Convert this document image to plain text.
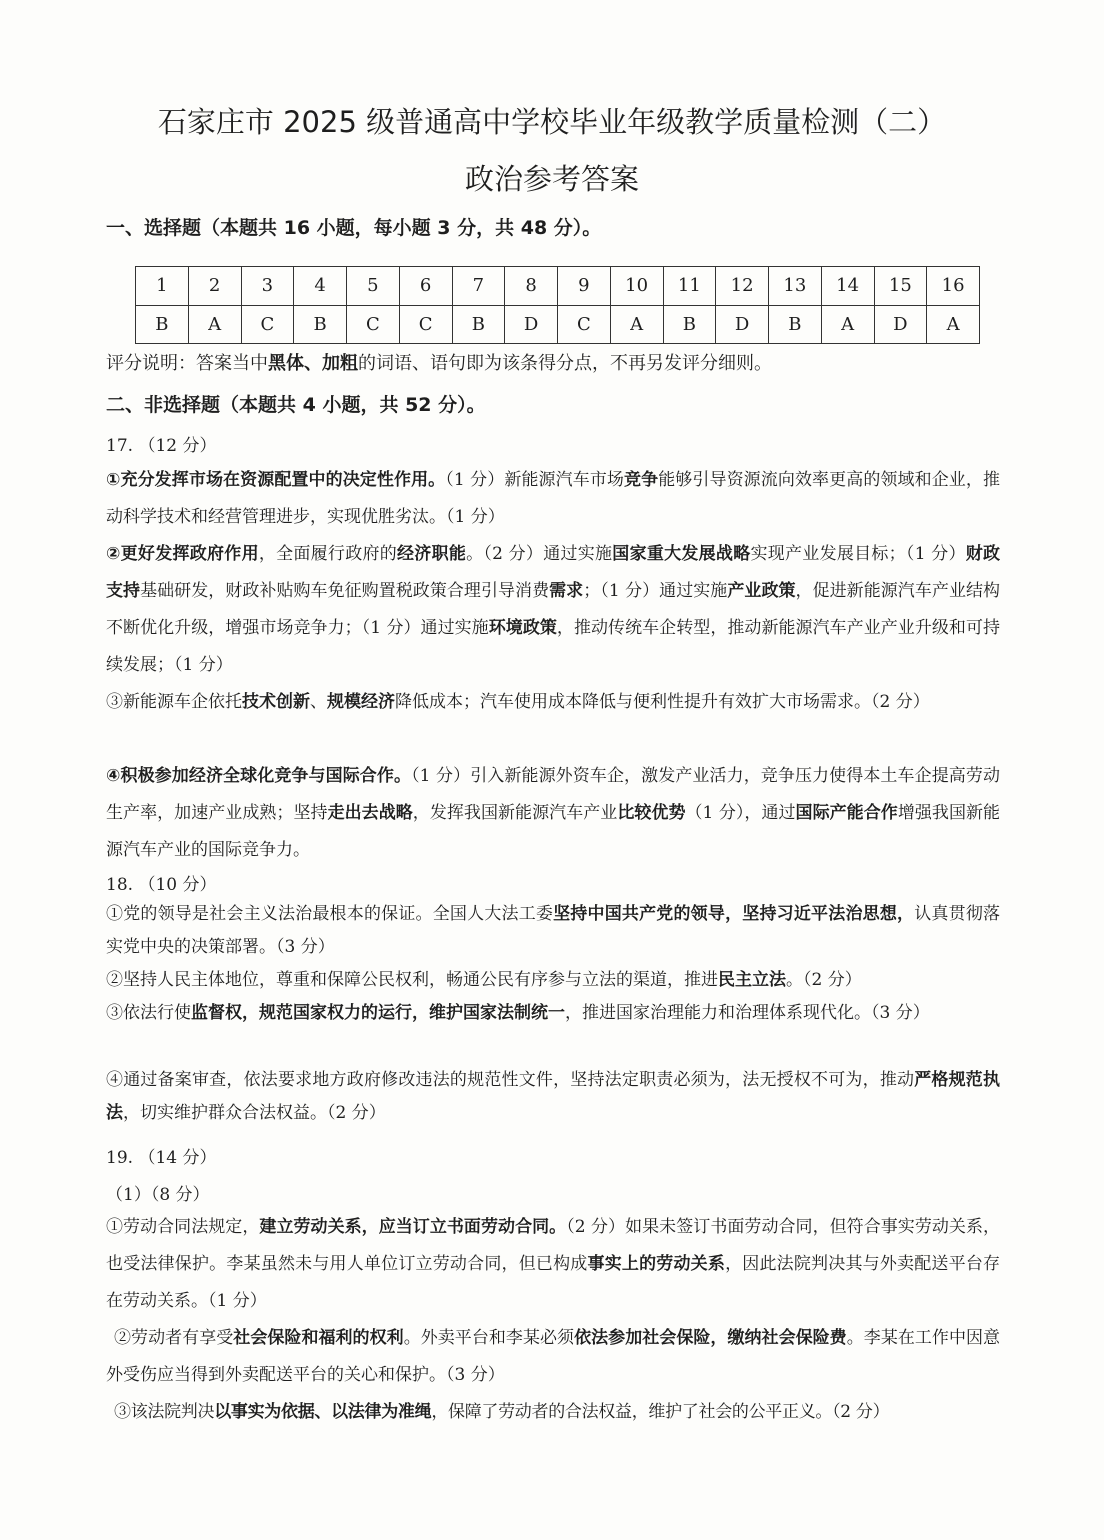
石家庄市 2025 级普通高中学校毕业年级教学质量检测（二）
政治参考答案
一、选择题（本题共 16 小题，每小题 3 分，共 48 分）。
1	2	3	4	5	6	7	8	9	10	11	12	13	14	15	16
B	A	C	B	C	C	B	D	C	A	B	D	B	A	D	A
评分说明：答案当中黑体、加粗的词语、语句即为该条得分点，不再另发评分细则。
二、非选择题（本题共 4 小题，共 52 分）。
17. （12 分）
①充分发挥市场在资源配置中的决定性作用。（1 分）新能源汽车市场竞争能够引导资源流向效率更高的领域和企业，推动科学技术和经营管理进步，实现优胜劣汰。（1 分）
②更好发挥政府作用，全面履行政府的经济职能。（2 分）通过实施国家重大发展战略实现产业发展目标；（1 分）财政支持基础研发，财政补贴购车免征购置税政策合理引导消费需求；（1 分）通过实施产业政策，促进新能源汽车产业结构不断优化升级，增强市场竞争力；（1 分）通过实施环境政策，推动传统车企转型，推动新能源汽车产业产业升级和可持续发展；（1 分）
③新能源车企依托技术创新、规模经济降低成本；汽车使用成本降低与便利性提升有效扩大市场需求。（2 分）
④积极参加经济全球化竞争与国际合作。（1 分）引入新能源外资车企，激发产业活力，竞争压力使得本土车企提高劳动生产率，加速产业成熟；坚持走出去战略，发挥我国新能源汽车产业比较优势（1 分），通过国际产能合作增强我国新能源汽车产业的国际竞争力。
18. （10 分）
①党的领导是社会主义法治最根本的保证。全国人大法工委坚持中国共产党的领导，坚持习近平法治思想，认真贯彻落实党中央的决策部署。（3 分）
②坚持人民主体地位，尊重和保障公民权利，畅通公民有序参与立法的渠道，推进民主立法。（2 分）
③依法行使监督权，规范国家权力的运行，维护国家法制统一，推进国家治理能力和治理体系现代化。（3 分）
④通过备案审查，依法要求地方政府修改违法的规范性文件，坚持法定职责必须为，法无授权不可为，推动严格规范执法，切实维护群众合法权益。（2 分）
19. （14 分）
（1）（8 分）
①劳动合同法规定，建立劳动关系，应当订立书面劳动合同。（2 分）如果未签订书面劳动合同，但符合事实劳动关系，也受法律保护。李某虽然未与用人单位订立劳动合同，但已构成事实上的劳动关系，因此法院判决其与外卖配送平台存在劳动关系。（1 分）
②劳动者有享受社会保险和福利的权利。外卖平台和李某必须依法参加社会保险，缴纳社会保险费。李某在工作中因意外受伤应当得到外卖配送平台的关心和保护。（3 分）
③该法院判决以事实为依据、以法律为准绳，保障了劳动者的合法权益，维护了社会的公平正义。（2 分）
